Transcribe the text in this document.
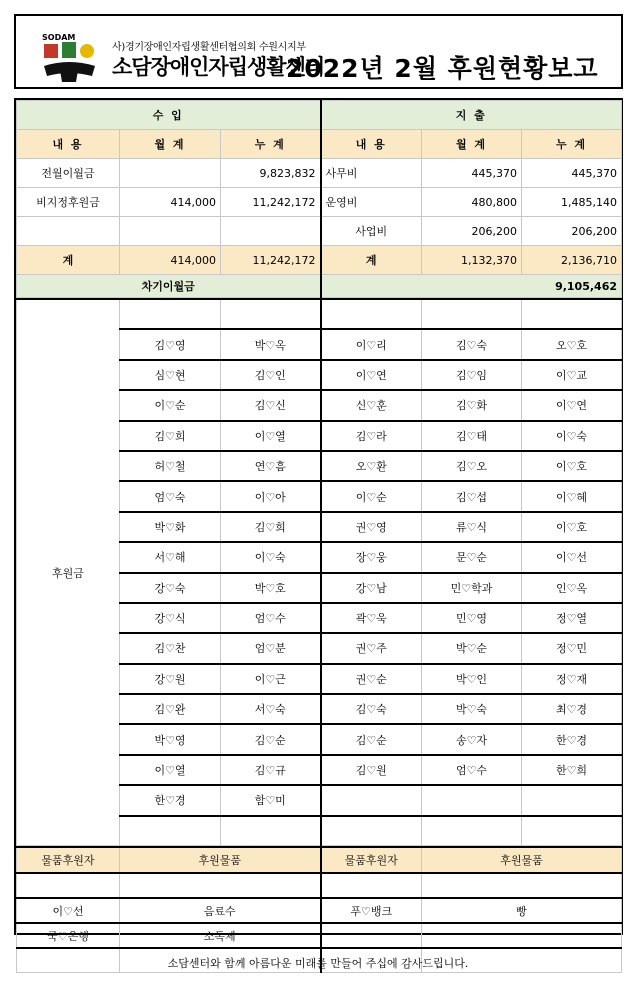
SODAM
사)경기장애인자립생활센터협의회 수원시지부
소담장애인자립생활센터
2022년 2월 후원현황보고
수 입			지 출		
내 용	월 계	누 계	내 용	월 계	누 계
전월이월금		9,823,832	사무비	445,370	445,370
비지정후원금	414,000	11,242,172	운영비	480,800	1,485,140
			사업비	206,200	206,200
계	414,000	11,242,172	계	1,132,370	2,136,710
차기이월금			9,105,462		
후원금					
	김♡영	박♡옥	이♡리	김♡숙	오♡호
	심♡현	김♡인	이♡연	김♡임	이♡교
	이♡순	김♡신	신♡훈	김♡화	이♡연
	김♡희	이♡열	김♡라	김♡태	이♡숙
	허♡철	연♡흠	오♡환	김♡오	이♡호
	엄♡숙	이♡아	이♡순	김♡섭	이♡혜
	박♡화	김♡희	권♡영	류♡식	이♡호
	서♡해	이♡숙	장♡웅	문♡순	이♡선
	강♡숙	박♡호	강♡남	민♡학과	인♡옥
	강♡식	엄♡수	곽♡욱	민♡영	정♡열
	김♡찬	엄♡분	권♡주	박♡순	정♡민
	강♡원	이♡근	권♡순	박♡인	정♡재
	김♡완	서♡숙	김♡숙	박♡숙	최♡경
	박♡영	김♡순	김♡순	송♡자	한♡경
	이♡열	김♡규	김♡원	엄♡수	한♡희
	한♡경	함♡미			

물품후원자	후원물품	물품후원자	후원물품

이♡선	음료수	푸♡뱅크	빵
국♡은행	소독제		

소담센터와 함께 아름다운 미래를 만들어 주십에 감사드립니다.
